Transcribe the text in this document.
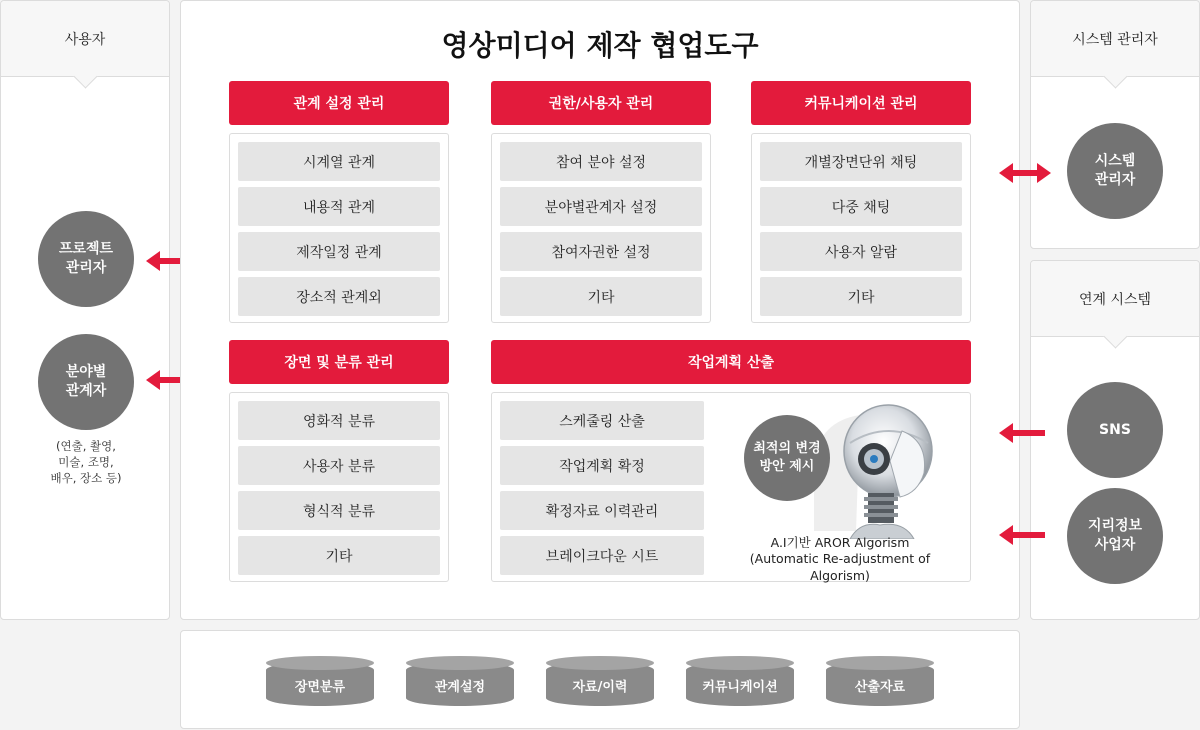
사용자
프로젝트
관리자
분야별
관계자
(연출, 촬영,
미술, 조명,
배우, 장소 등)
영상미디어 제작 협업도구
관계 설정 관리
시계열 관계
내용적 관계
제작일정 관계
장소적 관계외
권한/사용자 관리
참여 분야 설정
분야별관계자 설정
참여자권한 설정
기타
커뮤니케이션 관리
개별장면단위 채팅
다중 채팅
사용자 알람
기타
장면 및 분류 관리
영화적 분류
사용자 분류
형식적 분류
기타
작업계획 산출
스케줄링 산출
작업계획 확정
확정자료 이력관리
브레이크다운 시트
최적의 변경
방안 제시
A.I기반 AROR Algorism
(Automatic Re-adjustment of Algorism)
시스템 관리자
시스템
관리자
연계 시스템
SNS
지리정보
사업자
장면분류	관계설정	자료/이력	커뮤니케이션	산출자료
